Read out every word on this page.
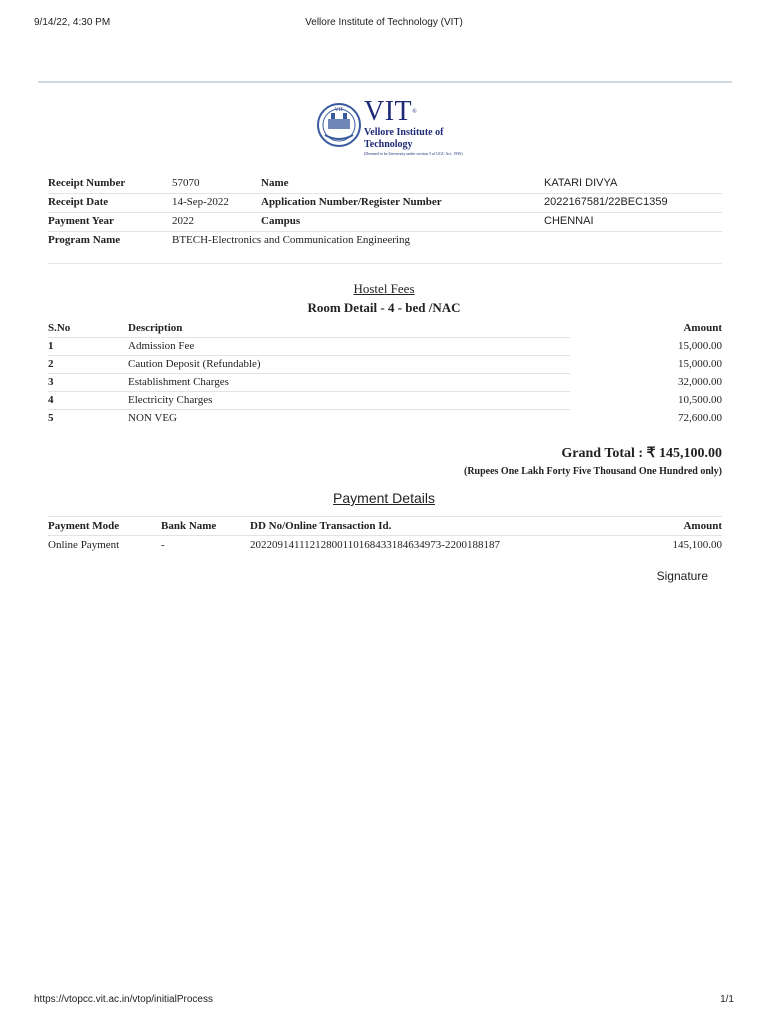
9/14/22, 4:30 PM	Vellore Institute of Technology (VIT)
VIT VIT®
Vellore Institute of Technology
(Deemed to be University under section 3 of UGC Act, 1956)
Receipt Number	57070	Name	KATARI DIVYA
Receipt Date	14-Sep-2022	Application Number/Register Number	2022167581/22BEC1359
Payment Year	2022	Campus	CHENNAI
Program Name	BTECH-Electronics and Communication Engineering
Hostel Fees
Room Detail - 4 - bed /NAC
S.No	Description	Amount
1	Admission Fee	15,000.00
2	Caution Deposit (Refundable)	15,000.00
3	Establishment Charges	32,000.00
4	Electricity Charges	10,500.00
5	NON VEG	72,600.00
Grand Total : ₹ 145,100.00
(Rupees One Lakh Forty Five Thousand One Hundred only)
Payment Details
Payment Mode	Bank Name	DD No/Online Transaction Id.	Amount
Online Payment	-	20220914111212800110168433184634973-2200188187	145,100.00
Signature
https://vtopcc.vit.ac.in/vtop/initialProcess	1/1
